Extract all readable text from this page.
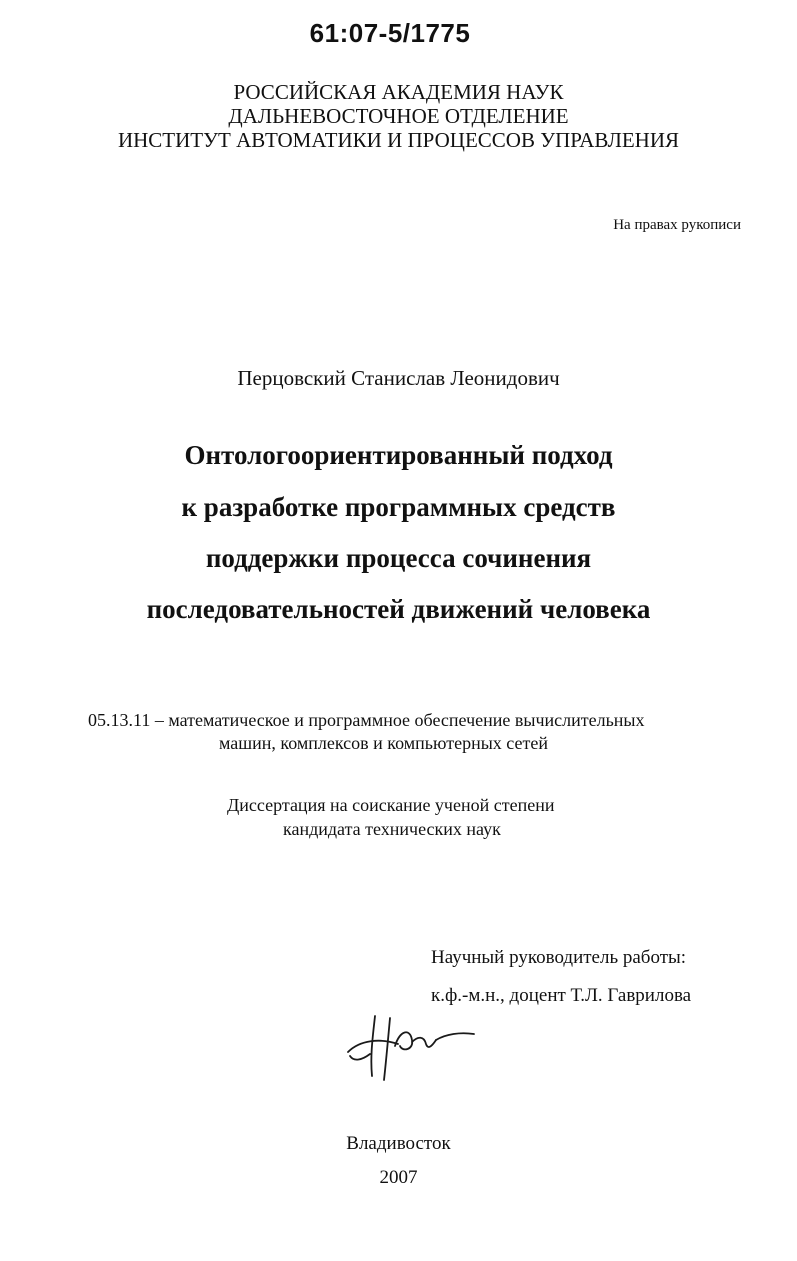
61:07-5/1775
РОССИЙСКАЯ АКАДЕМИЯ НАУК
ДАЛЬНЕВОСТОЧНОЕ ОТДЕЛЕНИЕ
ИНСТИТУТ АВТОМАТИКИ И ПРОЦЕССОВ УПРАВЛЕНИЯ
На правах рукописи
Перцовский Станислав Леонидович
Онтологоориентированный подход
к разработке программных средств
поддержки процесса сочинения
последовательностей движений человека
05.13.11 – математическое и программное обеспечение вычислительных
машин, комплексов и компьютерных сетей
Диссертация на соискание ученой степени
кандидата технических наук
Научный руководитель работы:
к.ф.-м.н., доцент Т.Л. Гаврилова
Владивосток
2007
